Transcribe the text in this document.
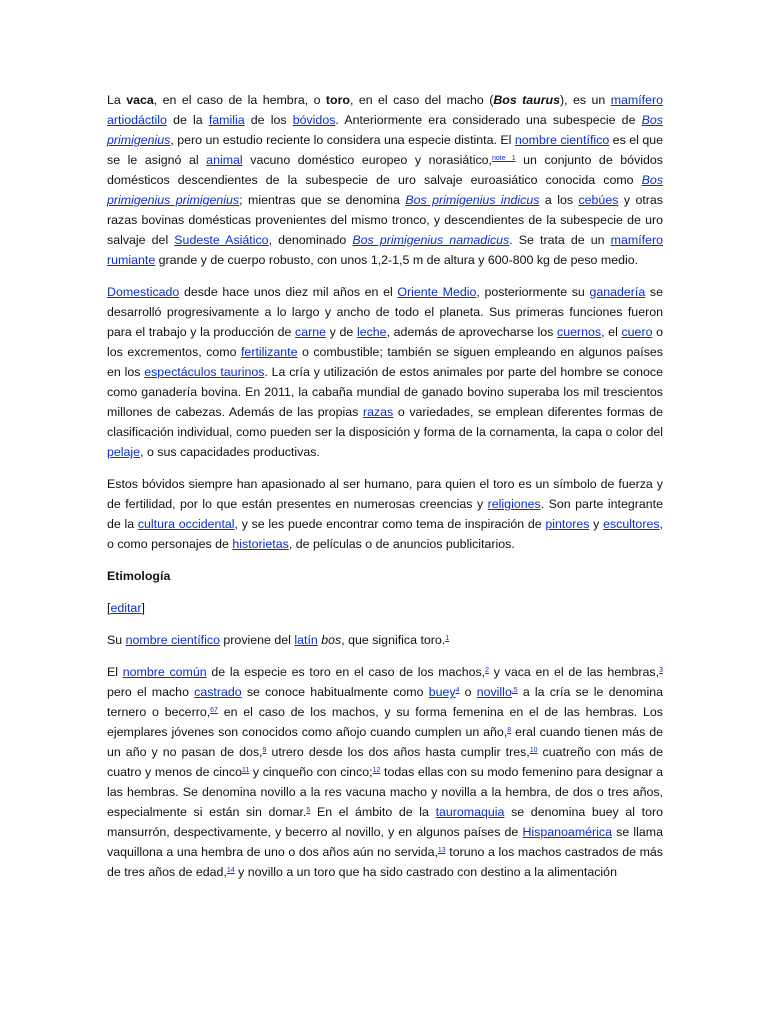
La vaca, en el caso de la hembra, o toro, en el caso del macho (Bos taurus), es un mamífero artiodáctilo de la familia de los bóvidos. Anteriormente era considerado una subespecie de Bos primigenius, pero un estudio reciente lo considera una especie distinta. El nombre científico es el que se le asignó al animal vacuno doméstico europeo y norasiático,$^{note 1}$ un conjunto de bóvidos domésticos descendientes de la subespecie de uro salvaje euroasiático conocida como Bos primigenius primigenius; mientras que se denomina Bos primigenius indicus a los cebúes y otras razas bovinas domésticas provenientes del mismo tronco, y descendientes de la subespecie de uro salvaje del Sudeste Asiático, denominado Bos primigenius namadicus. Se trata de un mamífero rumiante grande y de cuerpo robusto, con unos 1,2-1,5 m de altura y 600-800 kg de peso medio.

Domesticado desde hace unos diez mil años en el Oriente Medio, posteriormente su ganadería se desarrolló progresivamente a lo largo y ancho de todo el planeta. Sus primeras funciones fueron para el trabajo y la producción de carne y de leche, además de aprovecharse los cuernos, el cuero o los excrementos, como fertilizante o combustible; también se siguen empleando en algunos países en los espectáculos taurinos. La cría y utilización de estos animales por parte del hombre se conoce como ganadería bovina. En 2011, la cabaña mundial de ganado bovino superaba los mil trescientos millones de cabezas. Además de las propias razas o variedades, se emplean diferentes formas de clasificación individual, como pueden ser la disposición y forma de la cornamenta, la capa o color del pelaje, o sus capacidades productivas.

Estos bóvidos siempre han apasionado al ser humano, para quien el toro es un símbolo de fuerza y de fertilidad, por lo que están presentes en numerosas creencias y religiones. Son parte integrante de la cultura occidental, y se les puede encontrar como tema de inspiración de pintores y escultores, o como personajes de historietas, de películas o de anuncios publicitarios.

Etimología
[editar]

Su nombre científico proviene del latín bos, que significa toro.$^1$

El nombre común de la especie es toro en el caso de los machos,$^2$ y vaca en el de las hembras,$^3$ pero el macho castrado se conoce habitualmente como buey$^4$ o novillo$^{,5}$ a la cría se le denomina ternero o becerro,$^{67}$ en el caso de los machos, y su forma femenina en el de las hembras. Los ejemplares jóvenes son conocidos como añojo cuando cumplen un año,$^8$ eral cuando tienen más de un año y no pasan de dos,$^9$ utrero desde los dos años hasta cumplir tres,$^{10}$ cuatreño con más de cuatro y menos de cinco$^{11}$ y cinqueño con cinco;$^{12}$ todas ellas con su modo femenino para designar a las hembras. Se denomina novillo a la res vacuna macho y novilla a la hembra, de dos o tres años, especialmente si están sin domar.$^5$ En el ámbito de la tauromaquia se denomina buey al toro mansurrón, despectivamente, y becerro al novillo, y en algunos países de Hispanoamérica se llama vaquillona a una hembra de uno o dos años aún no servida,$^{13}$ toruno a los machos castrados de más de tres años de edad,$^{14}$ y novillo a un toro que ha sido castrado con destino a la alimentación
